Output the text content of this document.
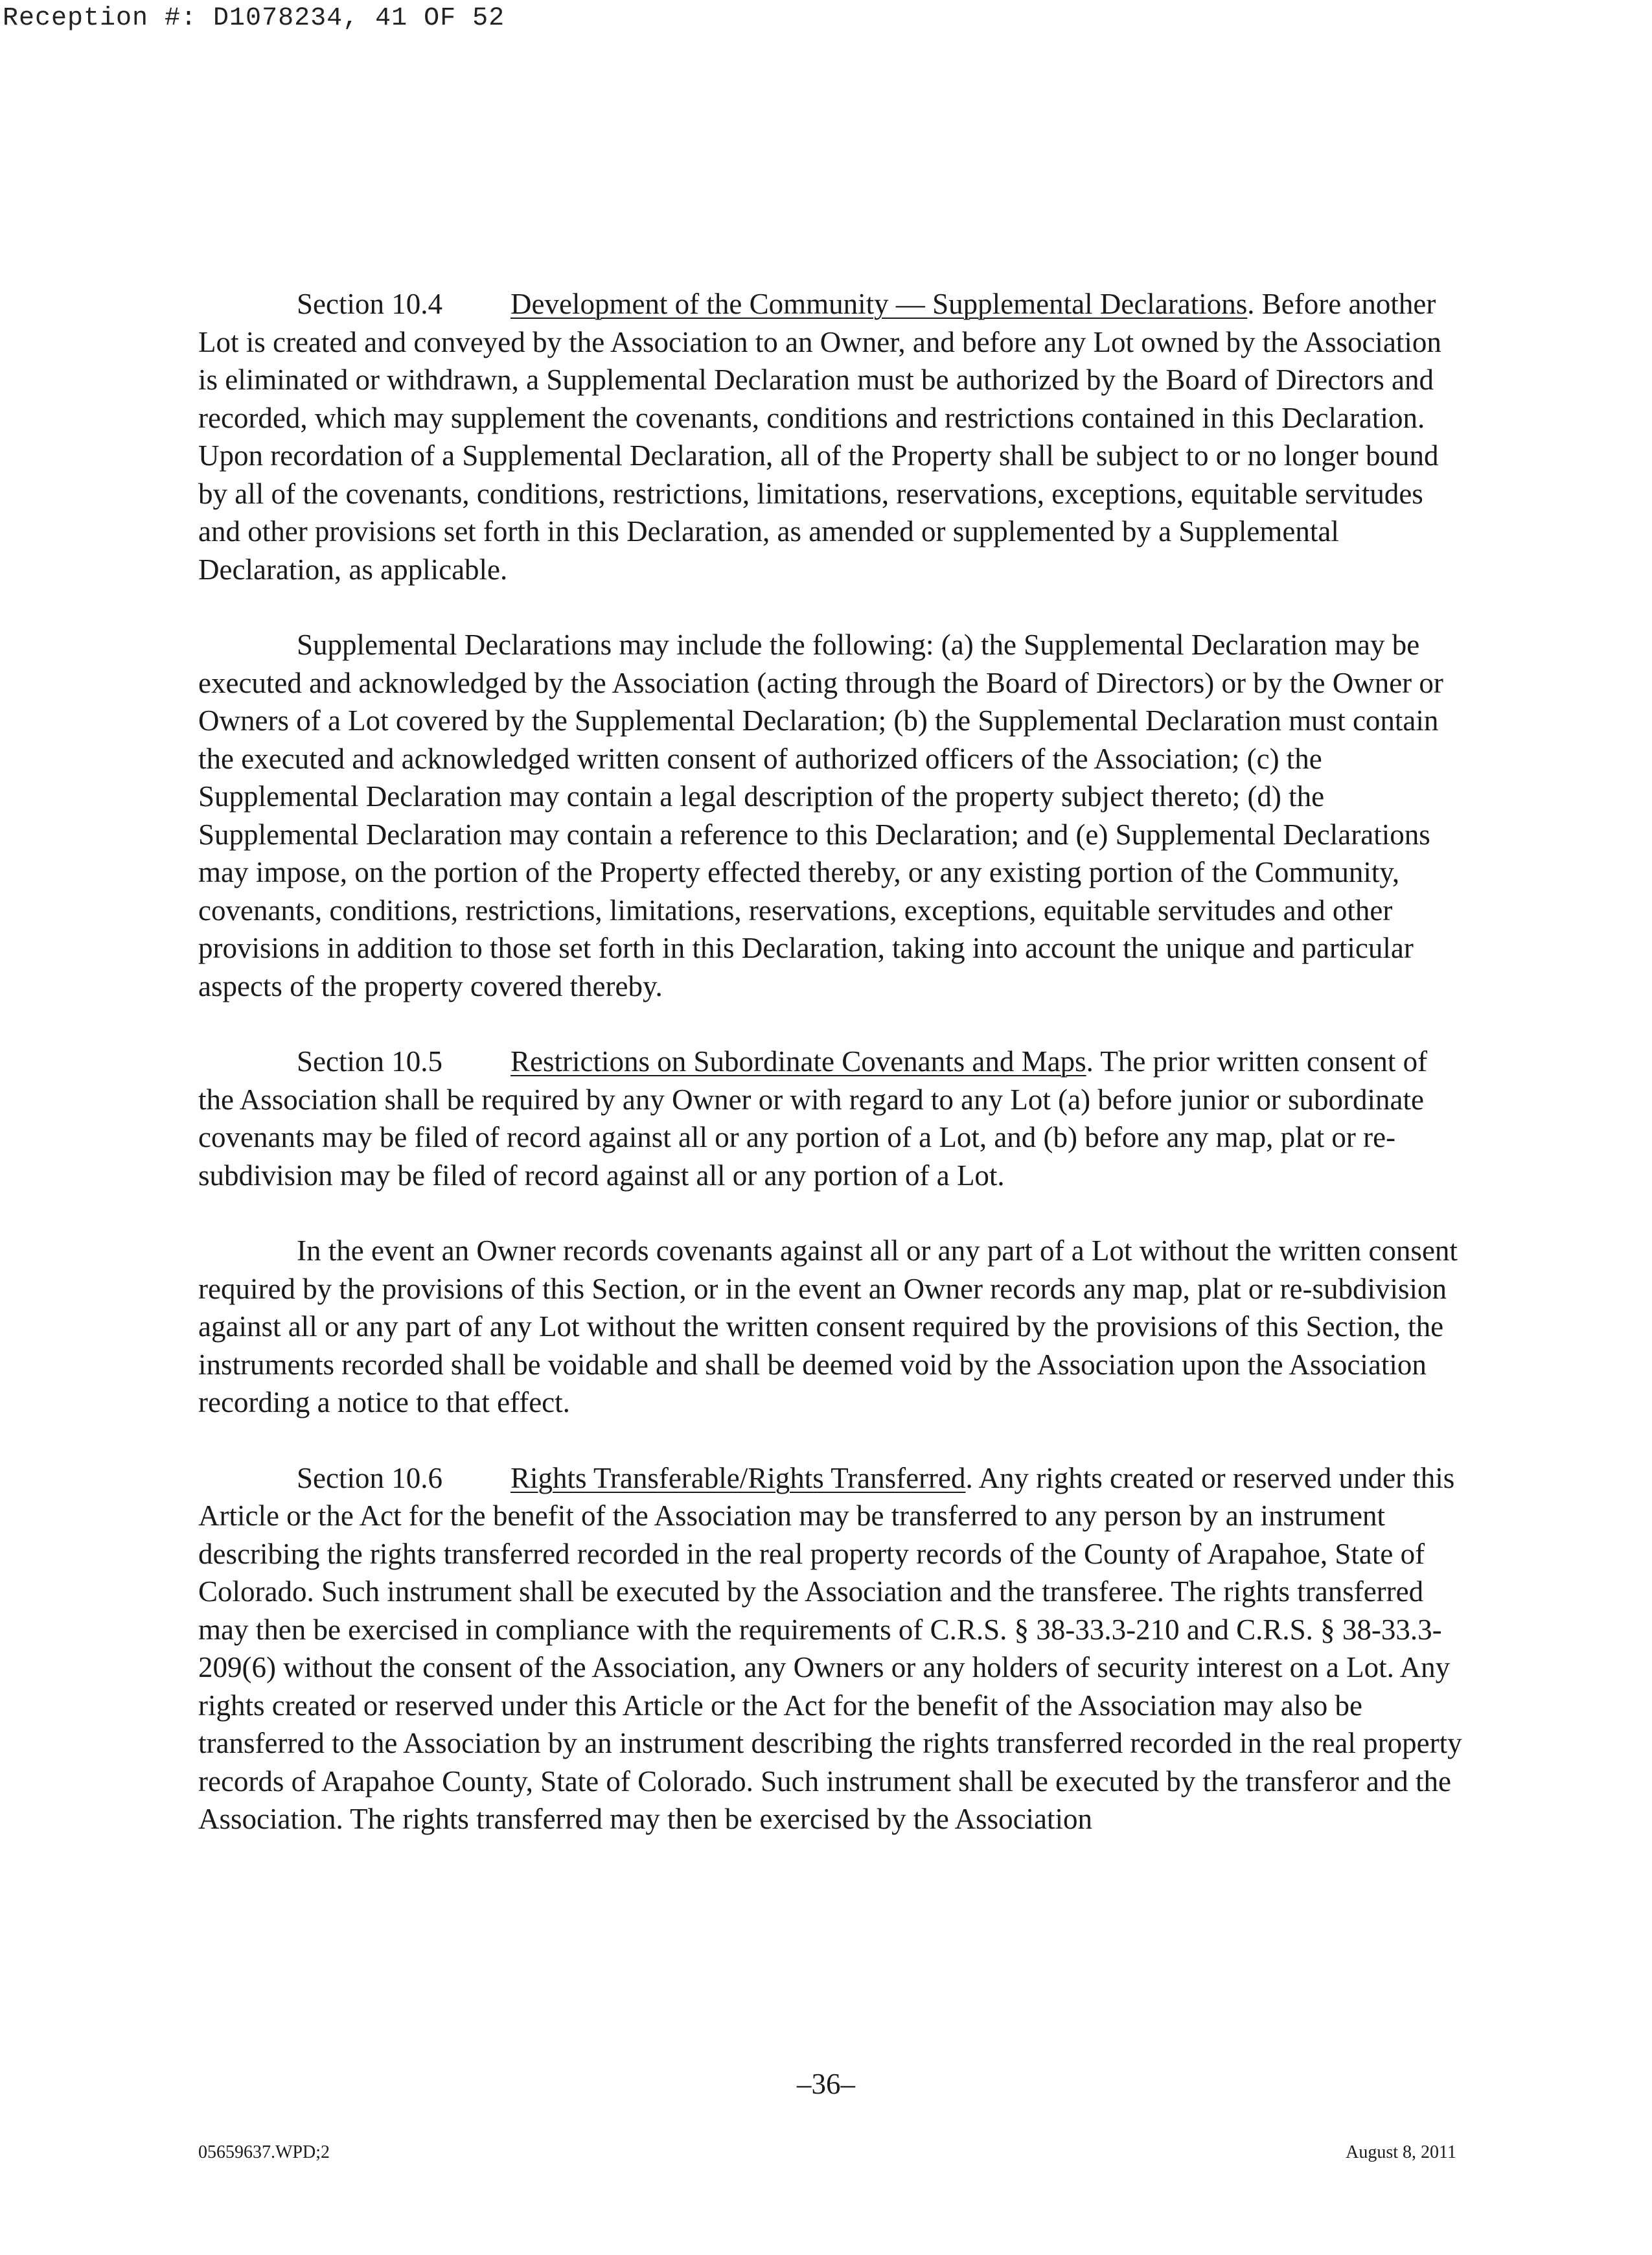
Reception #: D1078234, 41 OF 52

Section 10.4 Development of the Community — Supplemental Declarations. Before another Lot is created and conveyed by the Association to an Owner, and before any Lot owned by the Association is eliminated or withdrawn, a Supplemental Declaration must be authorized by the Board of Directors and recorded, which may supplement the covenants, conditions and restrictions contained in this Declaration. Upon recordation of a Supplemental Declaration, all of the Property shall be subject to or no longer bound by all of the covenants, conditions, restrictions, limitations, reservations, exceptions, equitable servitudes and other provisions set forth in this Declaration, as amended or supplemented by a Supplemental Declaration, as applicable.

Supplemental Declarations may include the following: (a) the Supplemental Declaration may be executed and acknowledged by the Association (acting through the Board of Directors) or by the Owner or Owners of a Lot covered by the Supplemental Declaration; (b) the Supplemental Declaration must contain the executed and acknowledged written consent of authorized officers of the Association; (c) the Supplemental Declaration may contain a legal description of the property subject thereto; (d) the Supplemental Declaration may contain a reference to this Declaration; and (e) Supplemental Declarations may impose, on the portion of the Property effected thereby, or any existing portion of the Community, covenants, conditions, restrictions, limitations, reservations, exceptions, equitable servitudes and other provisions in addition to those set forth in this Declaration, taking into account the unique and particular aspects of the property covered thereby.

Section 10.5 Restrictions on Subordinate Covenants and Maps. The prior written consent of the Association shall be required by any Owner or with regard to any Lot (a) before junior or subordinate covenants may be filed of record against all or any portion of a Lot, and (b) before any map, plat or re-subdivision may be filed of record against all or any portion of a Lot.

In the event an Owner records covenants against all or any part of a Lot without the written consent required by the provisions of this Section, or in the event an Owner records any map, plat or re-subdivision against all or any part of any Lot without the written consent required by the provisions of this Section, the instruments recorded shall be voidable and shall be deemed void by the Association upon the Association recording a notice to that effect.

Section 10.6 Rights Transferable/Rights Transferred. Any rights created or reserved under this Article or the Act for the benefit of the Association may be transferred to any person by an instrument describing the rights transferred recorded in the real property records of the County of Arapahoe, State of Colorado. Such instrument shall be executed by the Association and the transferee. The rights transferred may then be exercised in compliance with the requirements of C.R.S. § 38-33.3-210 and C.R.S. § 38-33.3-209(6) without the consent of the Association, any Owners or any holders of security interest on a Lot. Any rights created or reserved under this Article or the Act for the benefit of the Association may also be transferred to the Association by an instrument describing the rights transferred recorded in the real property records of Arapahoe County, State of Colorado. Such instrument shall be executed by the transferor and the Association. The rights transferred may then be exercised by the Association

–36–
05659637.WPD;2	August 8, 2011
